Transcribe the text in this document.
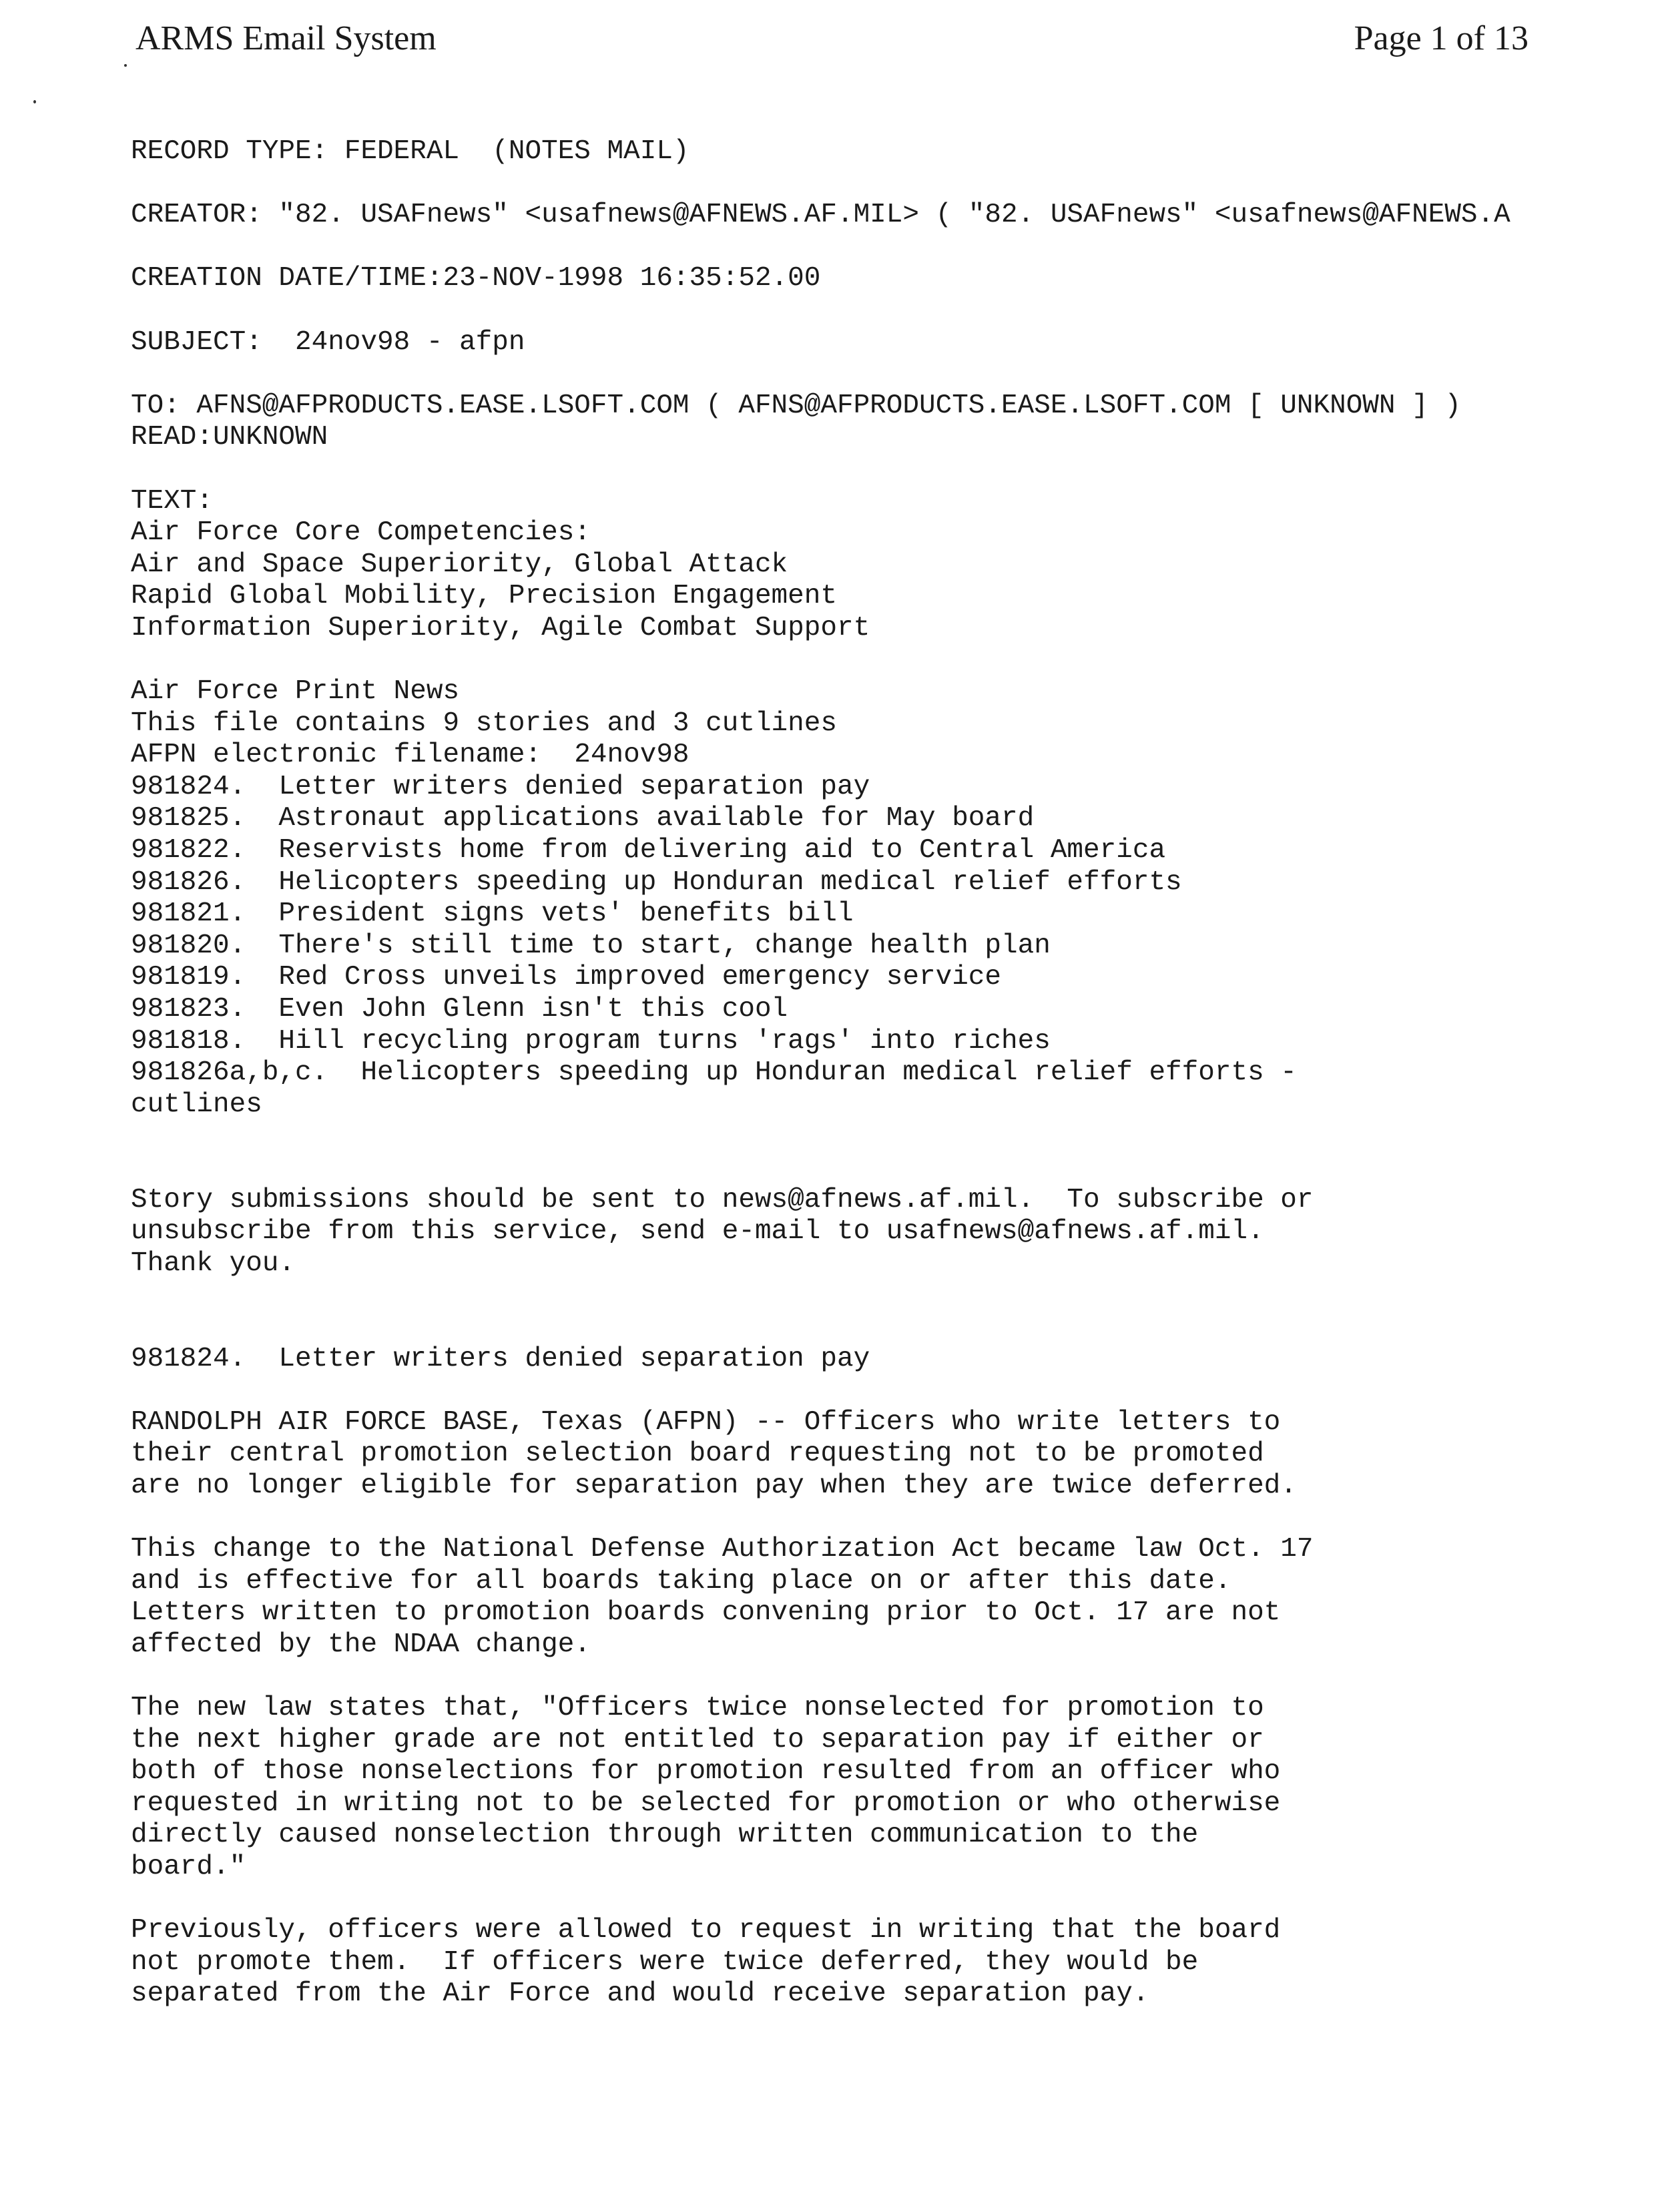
ARMS Email System	Page 1 of 13
RECORD TYPE: FEDERAL  (NOTES MAIL)
CREATOR: "82. USAFnews" <usafnews@AFNEWS.AF.MIL> ( "82. USAFnews" <usafnews@AFNEWS.A
CREATION DATE/TIME:23-NOV-1998 16:35:52.00
SUBJECT:  24nov98 - afpn
TO: AFNS@AFPRODUCTS.EASE.LSOFT.COM ( AFNS@AFPRODUCTS.EASE.LSOFT.COM [ UNKNOWN ] )
READ:UNKNOWN
TEXT:
Air Force Core Competencies:
Air and Space Superiority, Global Attack
Rapid Global Mobility, Precision Engagement
Information Superiority, Agile Combat Support
Air Force Print News
This file contains 9 stories and 3 cutlines
AFPN electronic filename:  24nov98
981824.  Letter writers denied separation pay
981825.  Astronaut applications available for May board
981822.  Reservists home from delivering aid to Central America
981826.  Helicopters speeding up Honduran medical relief efforts
981821.  President signs vets' benefits bill
981820.  There's still time to start, change health plan
981819.  Red Cross unveils improved emergency service
981823.  Even John Glenn isn't this cool
981818.  Hill recycling program turns 'rags' into riches
981826a,b,c.  Helicopters speeding up Honduran medical relief efforts -
cutlines
Story submissions should be sent to news@afnews.af.mil.  To subscribe or
unsubscribe from this service, send e-mail to usafnews@afnews.af.mil.
Thank you.
981824.  Letter writers denied separation pay
RANDOLPH AIR FORCE BASE, Texas (AFPN) -- Officers who write letters to
their central promotion selection board requesting not to be promoted
are no longer eligible for separation pay when they are twice deferred.
This change to the National Defense Authorization Act became law Oct. 17
and is effective for all boards taking place on or after this date.
Letters written to promotion boards convening prior to Oct. 17 are not
affected by the NDAA change.
The new law states that, "Officers twice nonselected for promotion to
the next higher grade are not entitled to separation pay if either or
both of those nonselections for promotion resulted from an officer who
requested in writing not to be selected for promotion or who otherwise
directly caused nonselection through written communication to the
board."
Previously, officers were allowed to request in writing that the board
not promote them.  If officers were twice deferred, they would be
separated from the Air Force and would receive separation pay.
